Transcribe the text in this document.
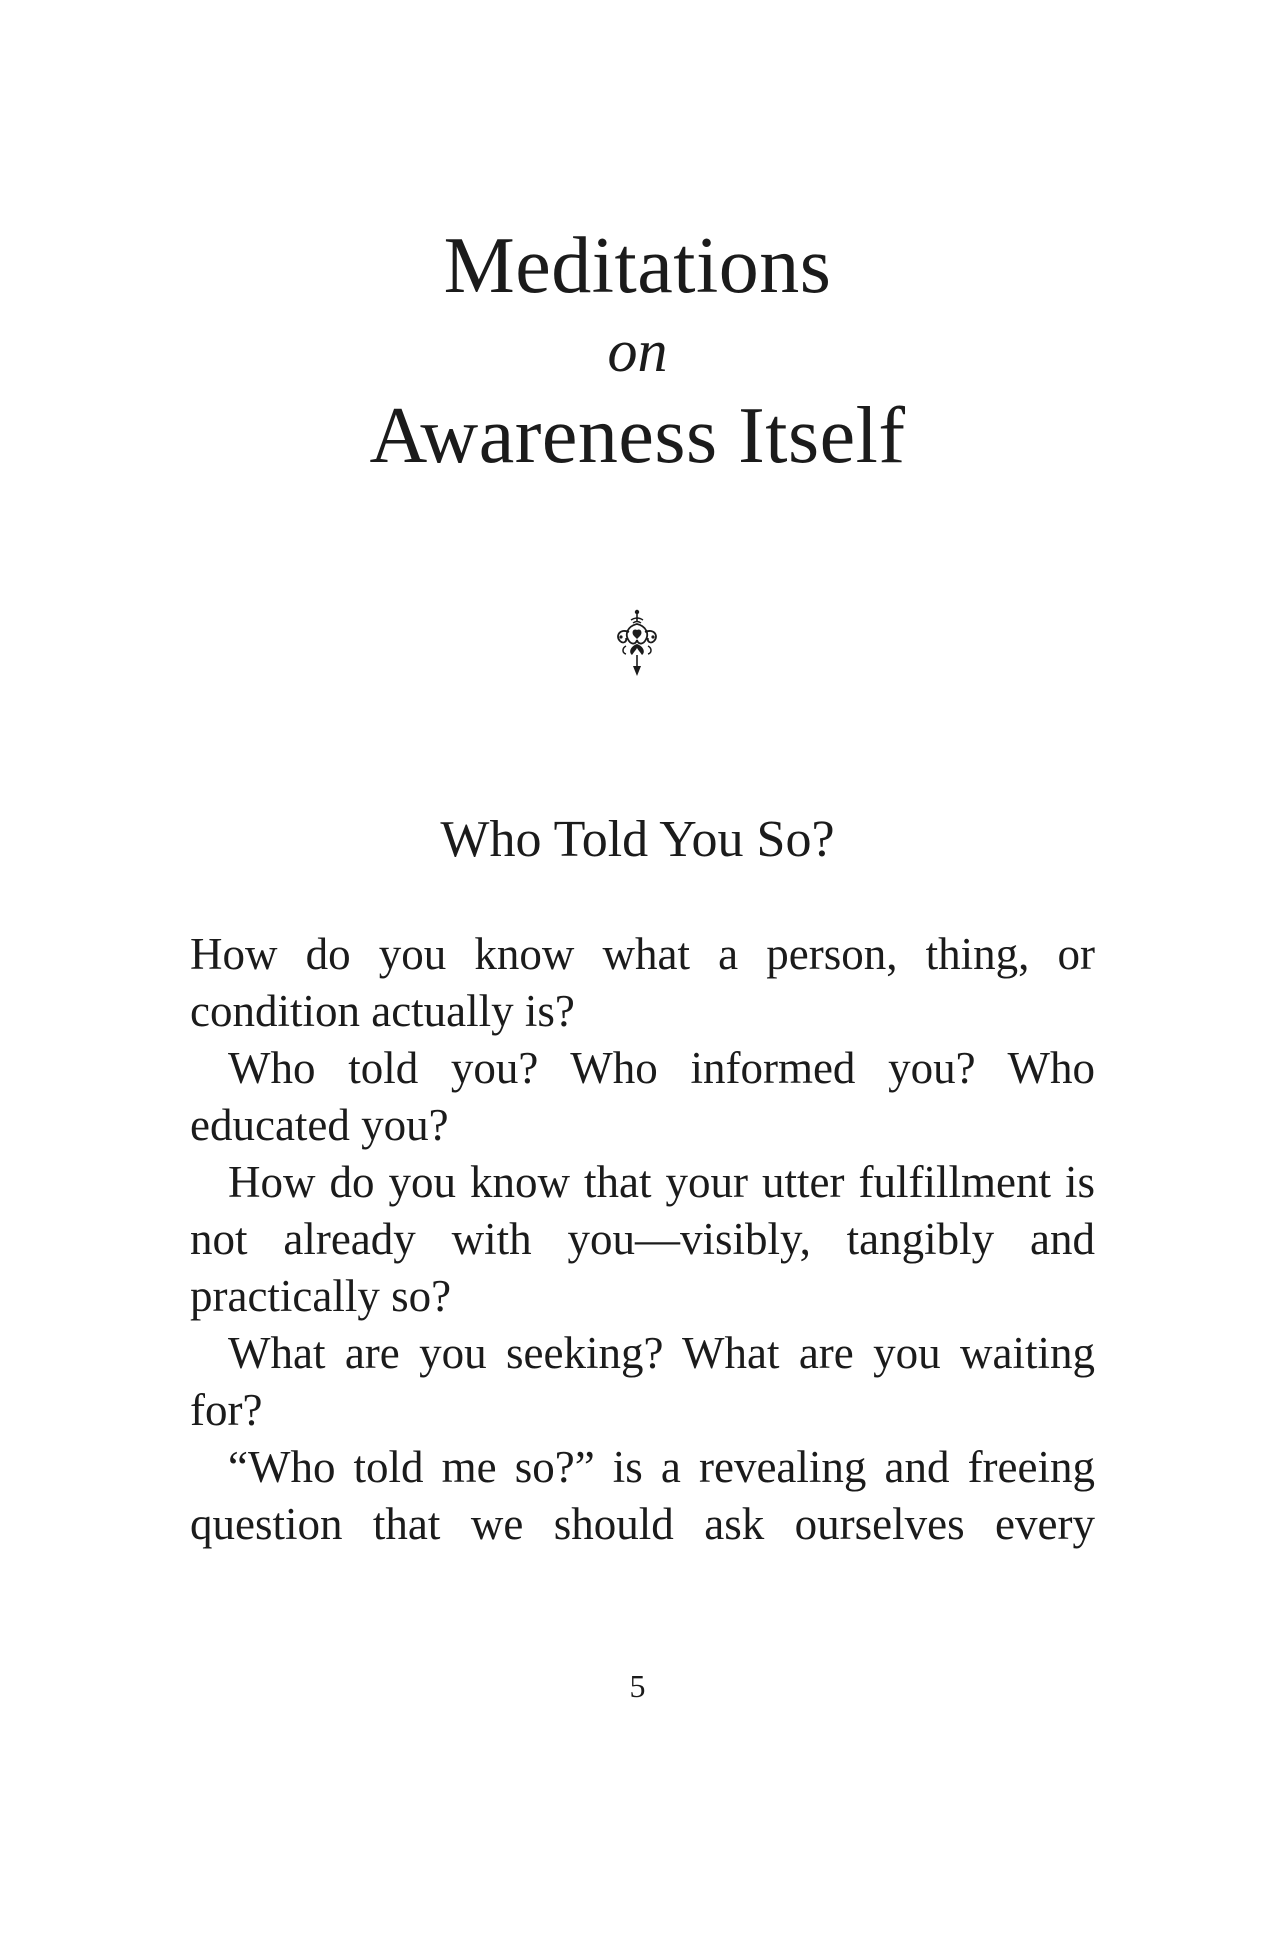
Meditations

on

Awareness Itself
Who Told You So?

How do you know what a person, thing, or condition actually is?

Who told you? Who informed you? Who educated you?

How do you know that your utter fulfillment is not already with you—visibly, tangibly and practically so?

What are you seeking? What are you waiting for?

“Who told me so?” is a revealing and freeing question that we should ask ourselves every

5
